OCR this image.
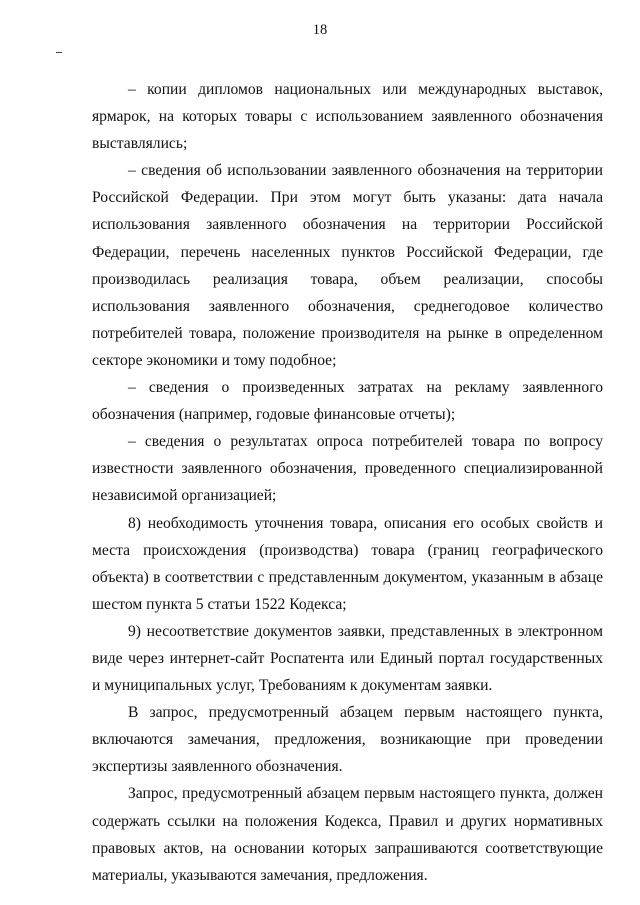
18

– копии дипломов национальных или международных выставок, ярмарок, на которых товары с использованием заявленного обозначения выставлялись;

– сведения об использовании заявленного обозначения на территории Российской Федерации. При этом могут быть указаны: дата начала использования заявленного обозначения на территории Российской Федерации, перечень населенных пунктов Российской Федерации, где производилась реализация товара, объем реализации, способы использования заявленного обозначения, среднегодовое количество потребителей товара, положение производителя на рынке в определенном секторе экономики и тому подобное;

– сведения о произведенных затратах на рекламу заявленного обозначения (например, годовые финансовые отчеты);

– сведения о результатах опроса потребителей товара по вопросу известности заявленного обозначения, проведенного специализированной независимой организацией;

8) необходимость уточнения товара, описания его особых свойств и места происхождения (производства) товара (границ географического объекта) в соответствии с представленным документом, указанным в абзаце шестом пункта 5 статьи 1522 Кодекса;

9) несоответствие документов заявки, представленных в электронном виде через интернет-сайт Роспатента или Единый портал государственных и муниципальных услуг, Требованиям к документам заявки.

В запрос, предусмотренный абзацем первым настоящего пункта, включаются замечания, предложения, возникающие при проведении экспертизы заявленного обозначения.

Запрос, предусмотренный абзацем первым настоящего пункта, должен содержать ссылки на положения Кодекса, Правил и других нормативных правовых актов, на основании которых запрашиваются соответствующие материалы, указываются замечания, предложения.
